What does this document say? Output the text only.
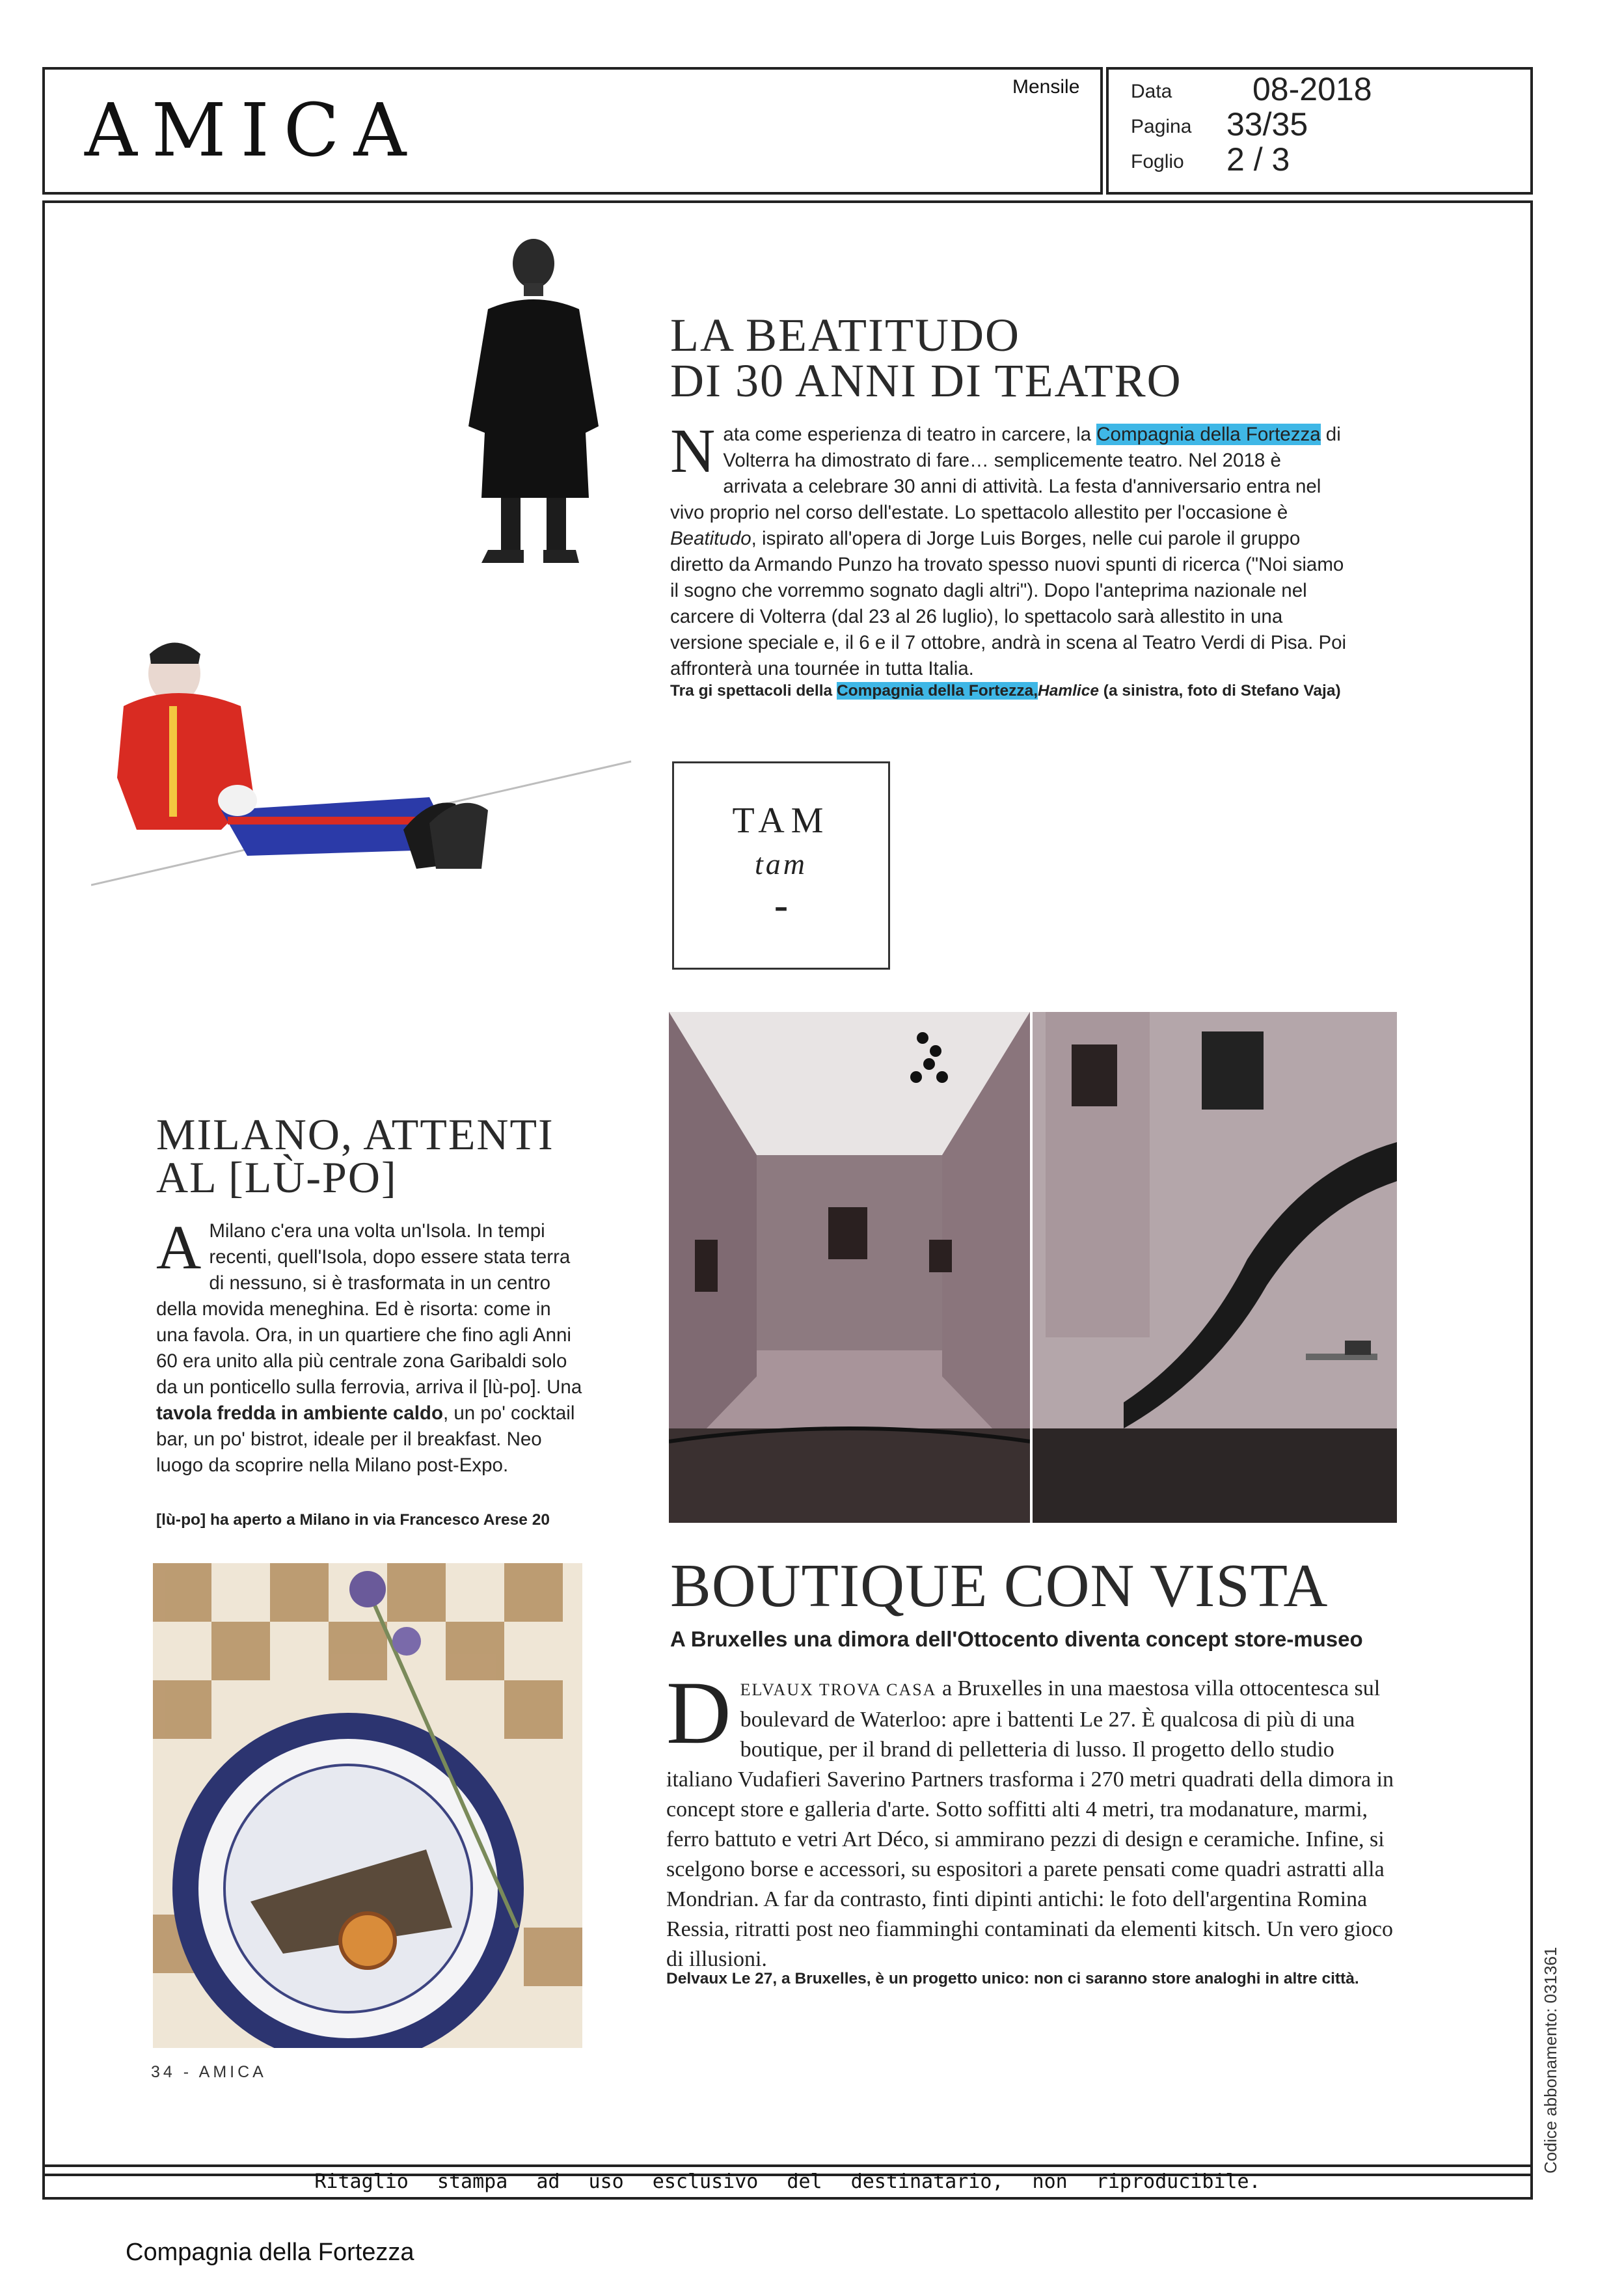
AMICA
Mensile	Data 08-2018
Pagina 33/35
Foglio 2 / 3
LA BEATITUDO
DI 30 ANNI DI TEATRO
Nata come esperienza di teatro in carcere, la Compagnia della Fortezza di Volterra ha dimostrato di fare… semplicemente teatro. Nel 2018 è arrivata a celebrare 30 anni di attività. La festa d'anniversario entra nel vivo proprio nel corso dell'estate. Lo spettacolo allestito per l'occasione è Beatitudo, ispirato all'opera di Jorge Luis Borges, nelle cui parole il gruppo diretto da Armando Punzo ha trovato spesso nuovi spunti di ricerca ("Noi siamo il sogno che vorremmo sognato dagli altri"). Dopo l'anteprima nazionale nel carcere di Volterra (dal 23 al 26 luglio), lo spettacolo sarà allestito in una versione speciale e, il 6 e il 7 ottobre, andrà in scena al Teatro Verdi di Pisa. Poi affronterà una tournée in tutta Italia.
Tra gi spettacoli della Compagnia della Fortezza,Hamlice (a sinistra, foto di Stefano Vaja)
TAM
tam
-
MILANO, ATTENTI
AL [LÙ-PO]
A Milano c'era una volta un'Isola. In tempi recenti, quell'Isola, dopo essere stata terra di nessuno, si è trasformata in un centro della movida meneghina. Ed è risorta: come in una favola. Ora, in un quartiere che fino agli Anni 60 era unito alla più centrale zona Garibaldi solo da un ponticello sulla ferrovia, arriva il [lù-po]. Una tavola fredda in ambiente caldo, un po' cocktail bar, un po' bistrot, ideale per il breakfast. Neo luogo da scoprire nella Milano post-Expo.
[lù-po] ha aperto a Milano in via Francesco Arese 20
BOUTIQUE CON VISTA
A Bruxelles una dimora dell'Ottocento diventa concept store-museo
DELVAUX TROVA CASA a Bruxelles in una maestosa villa ottocentesca sul boulevard de Waterloo: apre i battenti Le 27. È qualcosa di più di una boutique, per il brand di pelletteria di lusso. Il progetto dello studio italiano Vudafieri Saverino Partners trasforma i 270 metri quadrati della dimora in concept store e galleria d'arte. Sotto soffitti alti 4 metri, tra modanature, marmi, ferro battuto e vetri Art Déco, si ammirano pezzi di design e ceramiche. Infine, si scelgono borse e accessori, su espositori a parete pensati come quadri astratti alla Mondrian. A far da contrasto, finti dipinti antichi: le foto dell'argentina Romina Ressia, ritratti post neo fiamminghi contaminati da elementi kitsch. Un vero gioco di illusioni.
Delvaux Le 27, a Bruxelles, è un progetto unico: non ci saranno store analoghi in altre città.
34 - AMICA
Ritaglio stampa ad uso esclusivo del destinatario, non riproducibile.
Codice abbonamento: 031361
Compagnia della Fortezza
